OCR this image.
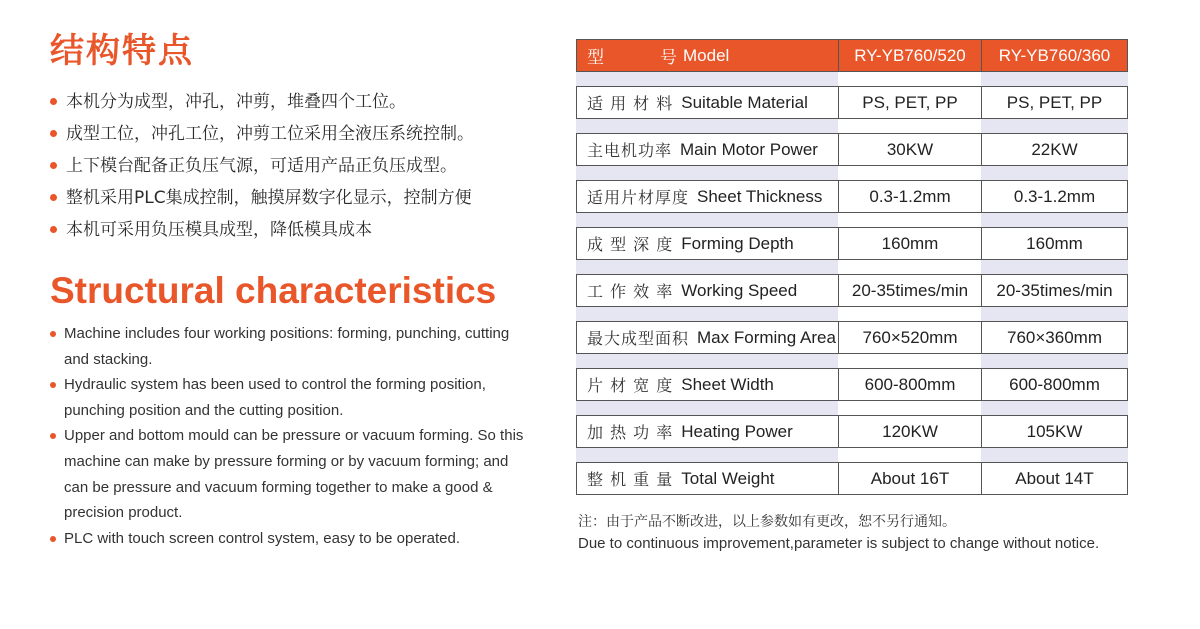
结构特点
本机分为成型，冲孔，冲剪，堆叠四个工位。
成型工位，冲孔工位，冲剪工位采用全液压系统控制。
上下模台配备正负压气源，可适用产品正负压成型。
整机采用PLC集成控制，触摸屏数字化显示，控制方便
本机可采用负压模具成型，降低模具成本
Structural characteristics
Machine includes four working positions: forming, punching, cutting and stacking.
Hydraulic system has been used to control the forming position, punching position and the cutting position.
Upper and bottom mould can be pressure or vacuum forming. So this machine can make by pressure forming or by vacuum forming; and can be pressure and vacuum forming together to make a good & precision product.
PLC with touch screen control system, easy to be operated.
型	号 Model	RY-YB760/520	RY-YB760/360
适 用 材 料 Suitable Material	PS, PET, PP	PS, PET, PP
主电机功率 Main Motor Power	30KW	22KW
适用片材厚度 Sheet Thickness	0.3-1.2mm	0.3-1.2mm
成 型 深 度 Forming Depth	160mm	160mm
工 作 效 率 Working Speed	20-35times/min	20-35times/min
最大成型面积 Max Forming Area	760×520mm	760×360mm
片 材 宽 度 Sheet Width	600-800mm	600-800mm
加 热 功 率 Heating Power	120KW	105KW
整 机 重 量 Total Weight	About 16T	About 14T
注：由于产品不断改进，以上参数如有更改，恕不另行通知。
Due to continuous improvement,parameter is subject to change without notice.
